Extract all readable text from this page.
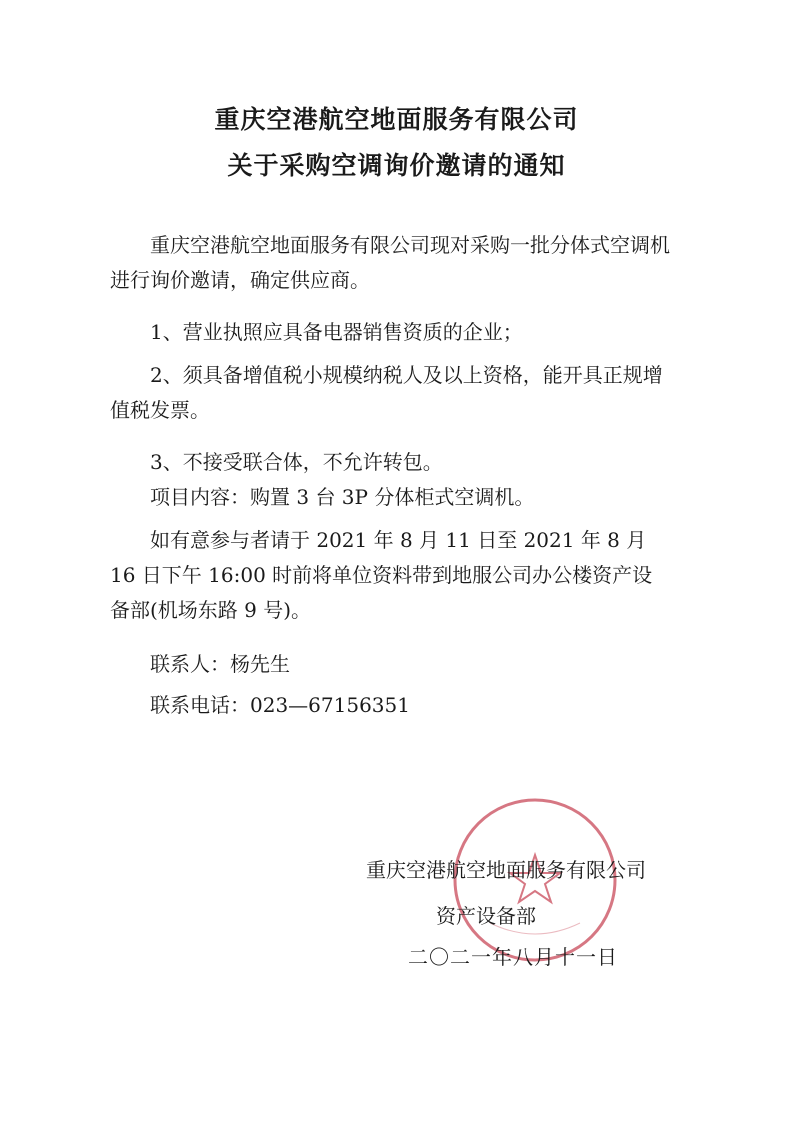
重庆空港航空地面服务有限公司
关于采购空调询价邀请的通知
重庆空港航空地面服务有限公司现对采购一批分体式空调机进行询价邀请，确定供应商。
1、营业执照应具备电器销售资质的企业；
2、须具备增值税小规模纳税人及以上资格，能开具正规增值税发票。
3、不接受联合体，不允许转包。
项目内容：购置 3 台 3P 分体柜式空调机。
如有意参与者请于 2021 年 8 月 11 日至 2021 年 8 月 16 日下午 16:00 时前将单位资料带到地服公司办公楼资产设备部(机场东路 9 号)。
联系人：杨先生
联系电话：023—67156351
重庆空港航空地面服务有限公司
资产设备部
二〇二一年八月十一日
